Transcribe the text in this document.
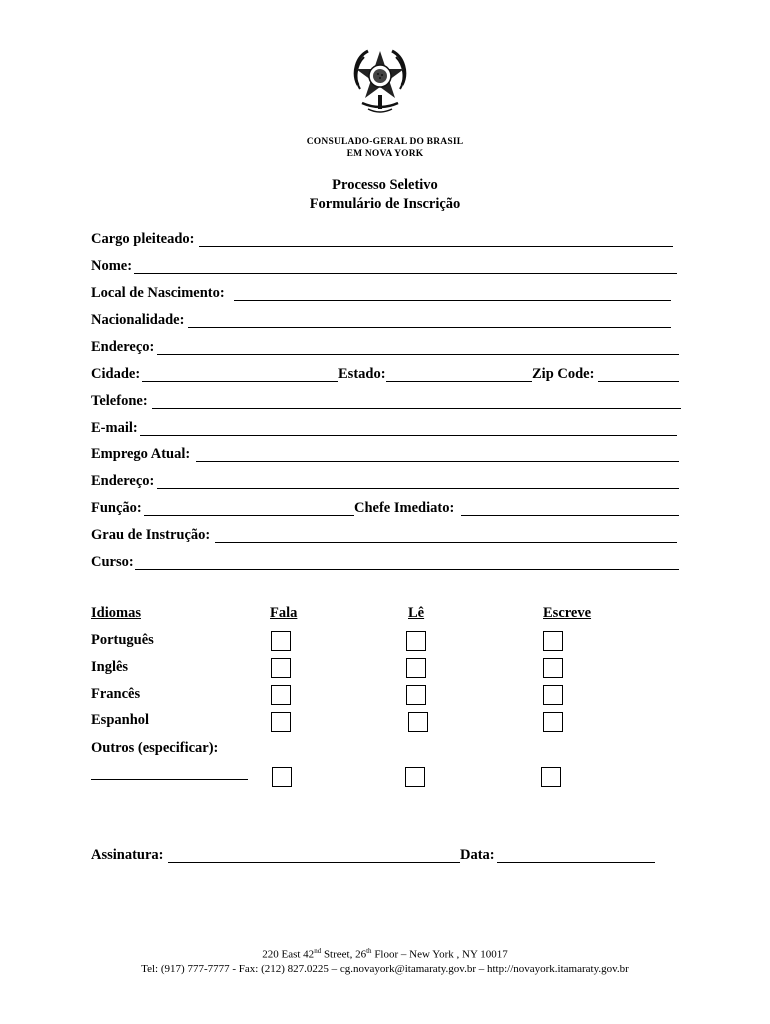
CONSULADO-GERAL DO BRASIL
EM NOVA YORK
Processo Seletivo
Formulário de Inscrição
Cargo pleiteado:
Nome:
Local de Nascimento:
Nacionalidade:
Endereço:
Cidade:	Estado:	Zip Code:
Telefone:
E-mail:
Emprego Atual:
Endereço:
Função:	Chefe Imediato:
Grau de Instrução:
Curso:
Idiomas	Fala	Lê	Escreve
Português
Inglês
Francês
Espanhol
Outros (especificar):
Assinatura:	Data:
220 East 42nd Street, 26th Floor – New York , NY 10017
Tel: (917) 777-7777 - Fax: (212) 827.0225 – cg.novayork@itamaraty.gov.br – http://novayork.itamaraty.gov.br
